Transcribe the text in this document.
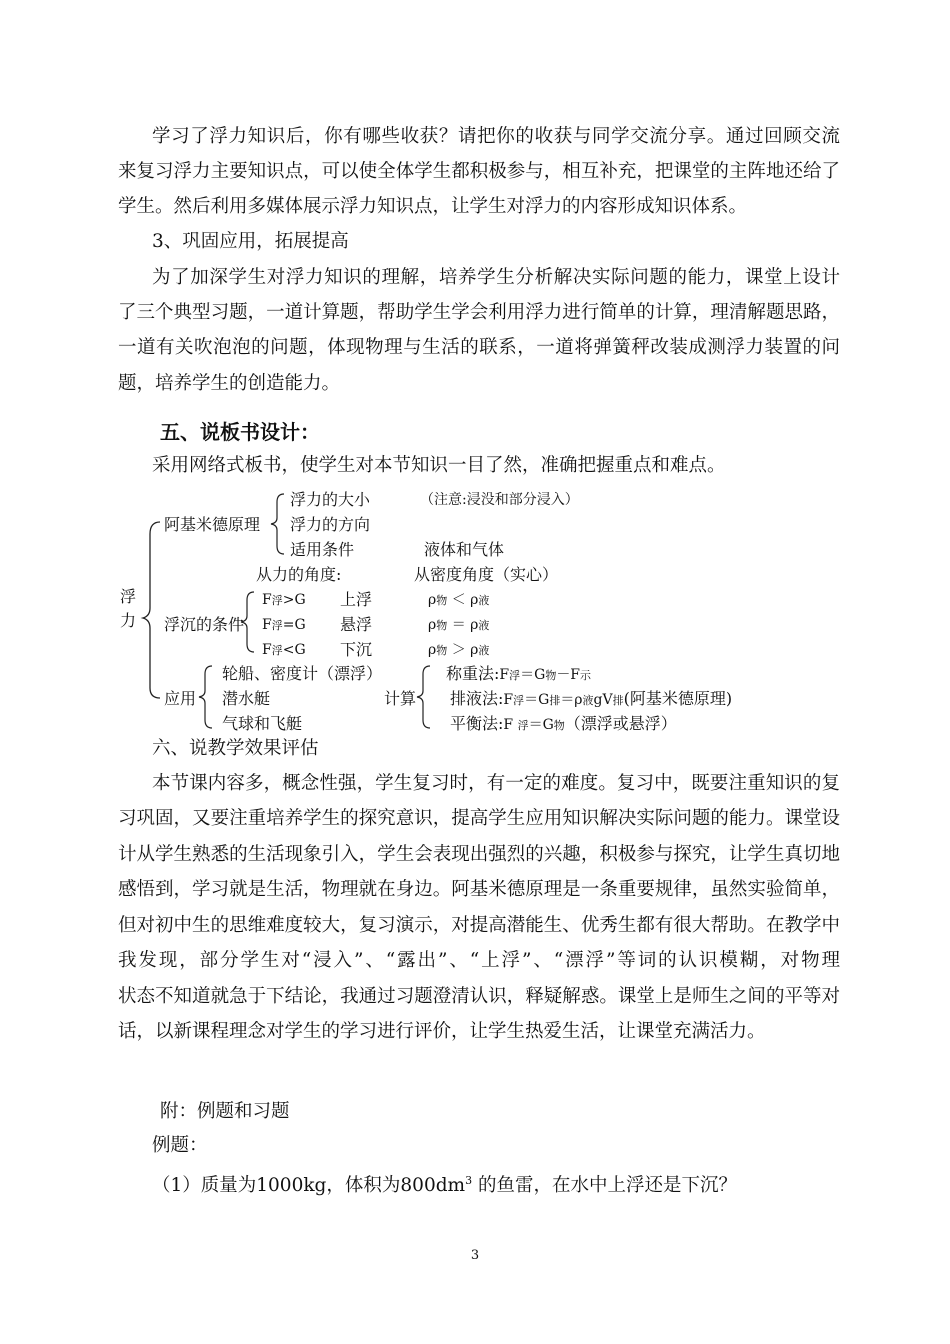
学习了浮力知识后，你有哪些收获？请把你的收获与同学交流分享。通过回顾交流
来复习浮力主要知识点，可以使全体学生都积极参与，相互补充，把课堂的主阵地还给了
学生。然后利用多媒体展示浮力知识点，让学生对浮力的内容形成知识体系。
3、巩固应用，拓展提高
为了加深学生对浮力知识的理解，培养学生分析解决实际问题的能力，课堂上设计
了三个典型习题，一道计算题，帮助学生学会利用浮力进行简单的计算，理清解题思路，
一道有关吹泡泡的问题，体现物理与生活的联系，一道将弹簧秤改装成测浮力装置的问
题，培养学生的创造能力。
五、说板书设计：
采用网络式板书，使学生对本节知识一目了然，准确把握重点和难点。
浮
力
阿基米德原理
浮力的大小
浮力的方向
适用条件
（注意:浸没和部分浸入）
液体和气体
从力的角度:	从密度角度（实心）
浮沉的条件
F浮>G 上浮	ρ物 ＜ ρ液
F浮=G 悬浮	ρ物 ＝ ρ液
F浮<G 下沉	ρ物 ＞ ρ液
应用
轮船、密度计（漂浮）
潜水艇
气球和飞艇
计算
称重法:F浮＝G物－F示
排液法:F浮＝G排＝ρ液gV排(阿基米德原理)
平衡法:F 浮＝G物（漂浮或悬浮）
六、说教学效果评估
本节课内容多，概念性强，学生复习时，有一定的难度。复习中，既要注重知识的复
习巩固，又要注重培养学生的探究意识，提高学生应用知识解决实际问题的能力。课堂设
计从学生熟悉的生活现象引入，学生会表现出强烈的兴趣，积极参与探究，让学生真切地
感悟到，学习就是生活，物理就在身边。阿基米德原理是一条重要规律，虽然实验简单，
但对初中生的思维难度较大，复习演示，对提高潜能生、优秀生都有很大帮助。在教学中
我发现，部分学生对“浸入”、“露出”、“上浮”、“漂浮”等词的认识模糊，对物理
状态不知道就急于下结论，我通过习题澄清认识，释疑解惑。课堂上是师生之间的平等对
话，以新课程理念对学生的学习进行评价，让学生热爱生活，让课堂充满活力。
附：例题和习题
例题：
（1）质量为1000kg，体积为$800dm^3$ 的鱼雷，在水中上浮还是下沉？
3
